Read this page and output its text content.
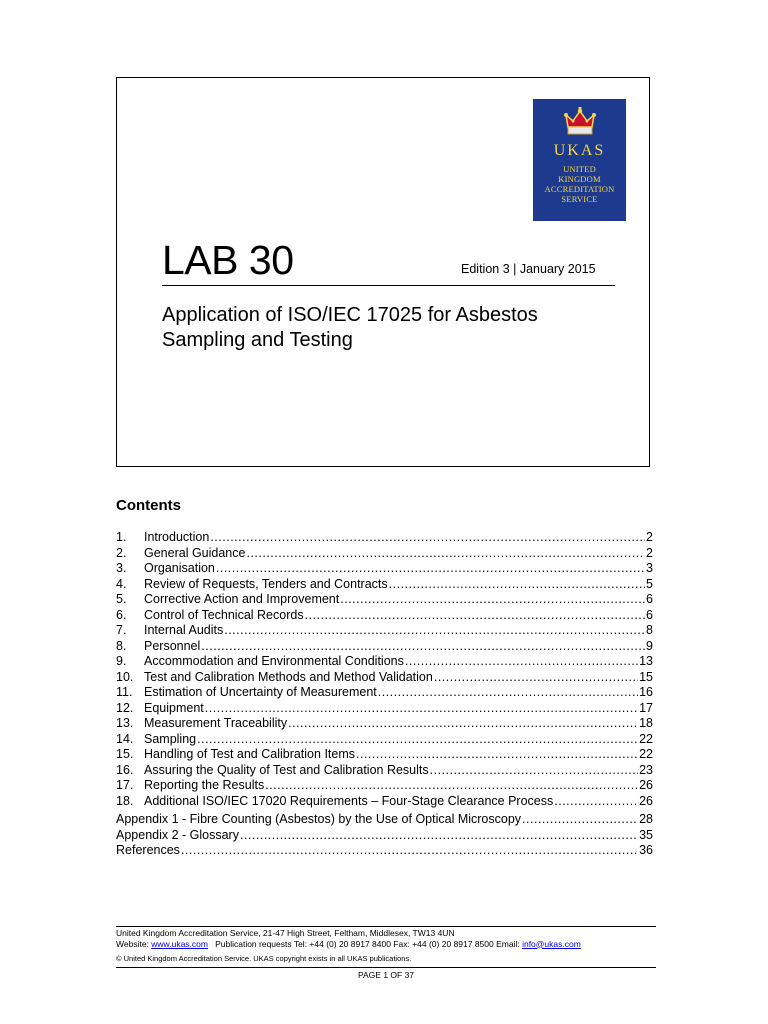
UKAS
UNITED
KINGDOM
ACCREDITATION
SERVICE
LAB 30	Edition 3 | January 2015
Application of ISO/IEC 17025 for Asbestos
Sampling and Testing
Contents
1.	Introduction .....	2
2.	General Guidance .....	2
3.	Organisation .....	3
4.	Review of Requests, Tenders and Contracts .....	5
5.	Corrective Action and Improvement .....	6
6.	Control of Technical Records .....	6
7.	Internal Audits .....	8
8.	Personnel .....	9
9.	Accommodation and Environmental Conditions .....	13
10. Test and Calibration Methods and Method Validation .....	15
11. Estimation of Uncertainty of Measurement .....	16
12. Equipment .....	17
13. Measurement Traceability .....	18
14. Sampling .....	22
15. Handling of Test and Calibration Items .....	22
16. Assuring the Quality of Test and Calibration Results .....	23
17. Reporting the Results .....	26
18. Additional ISO/IEC 17020 Requirements – Four-Stage Clearance Process .....	26
Appendix 1 - Fibre Counting (Asbestos) by the Use of Optical Microscopy .....	28
Appendix 2 - Glossary .....	35
References .....	36
United Kingdom Accreditation Service, 21-47 High Street, Feltham, Middlesex, TW13 4UN
Website: www.ukas.com Publication requests Tel: +44 (0) 20 8917 8400 Fax: +44 (0) 20 8917 8500 Email: info@ukas.com
© United Kingdom Accreditation Service. UKAS copyright exists in all UKAS publications.
PAGE 1 OF 37
